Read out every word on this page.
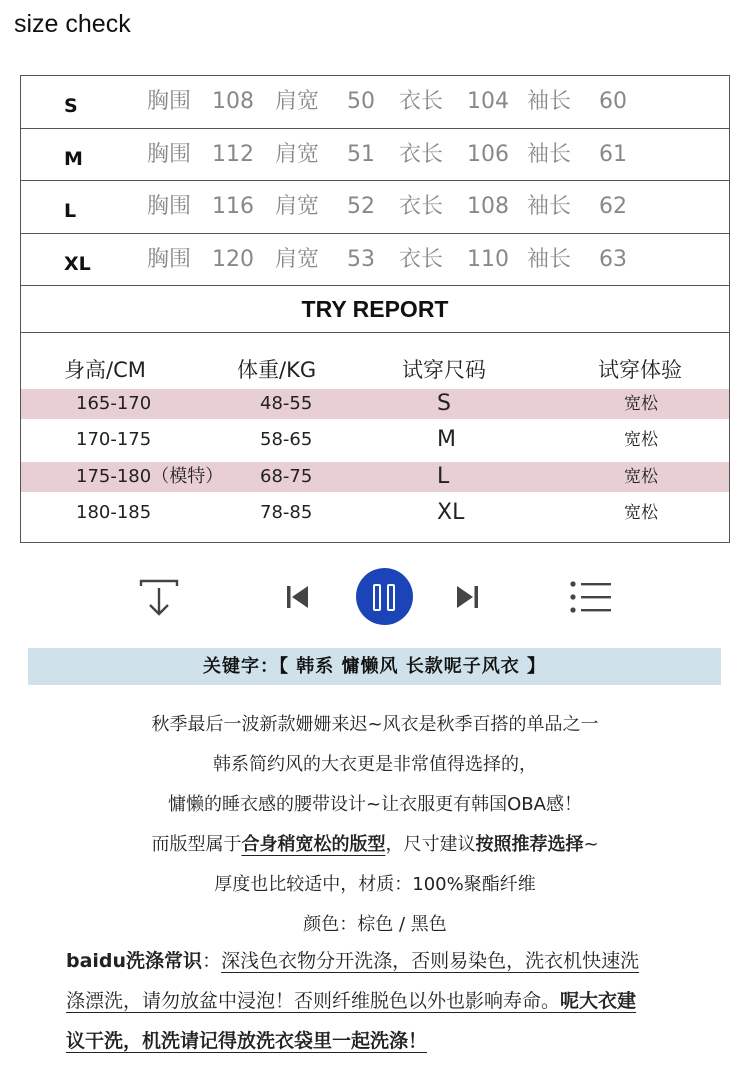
size check
S	胸围 108 肩宽 50 衣长 104 袖长 60
M	胸围 112 肩宽 51 衣长 106 袖长 61
L	胸围 116 肩宽 52 衣长 108 袖长 62
XL	胸围 120 肩宽 53 衣长 110 袖长 63
TRY REPORT
身高/CM	体重/KG	试穿尺码	试穿体验
165-170	48-55	S	宽松
170-175	58-65	M	宽松
175-180（模特） 68-75	L	宽松
180-185	78-85	XL	宽松
关键字：【 韩系 慵懒风 长款呢子风衣 】
秋季最后一波新款姗姗来迟~风衣是秋季百搭的单品之一
韩系简约风的大衣更是非常值得选择的，
慵懒的睡衣感的腰带设计~让衣服更有韩国OBA感！
而版型属于合身稍宽松的版型，尺寸建议按照推荐选择~
厚度也比较适中，材质：100%聚酯纤维
颜色：棕色 / 黑色
baidu洗涤常识：深浅色衣物分开洗涤，否则易染色，洗衣机快速洗
涤漂洗，请勿放盆中浸泡！否则纤维脱色以外也影响寿命。呢大衣建
议干洗，机洗请记得放洗衣袋里一起洗涤！
